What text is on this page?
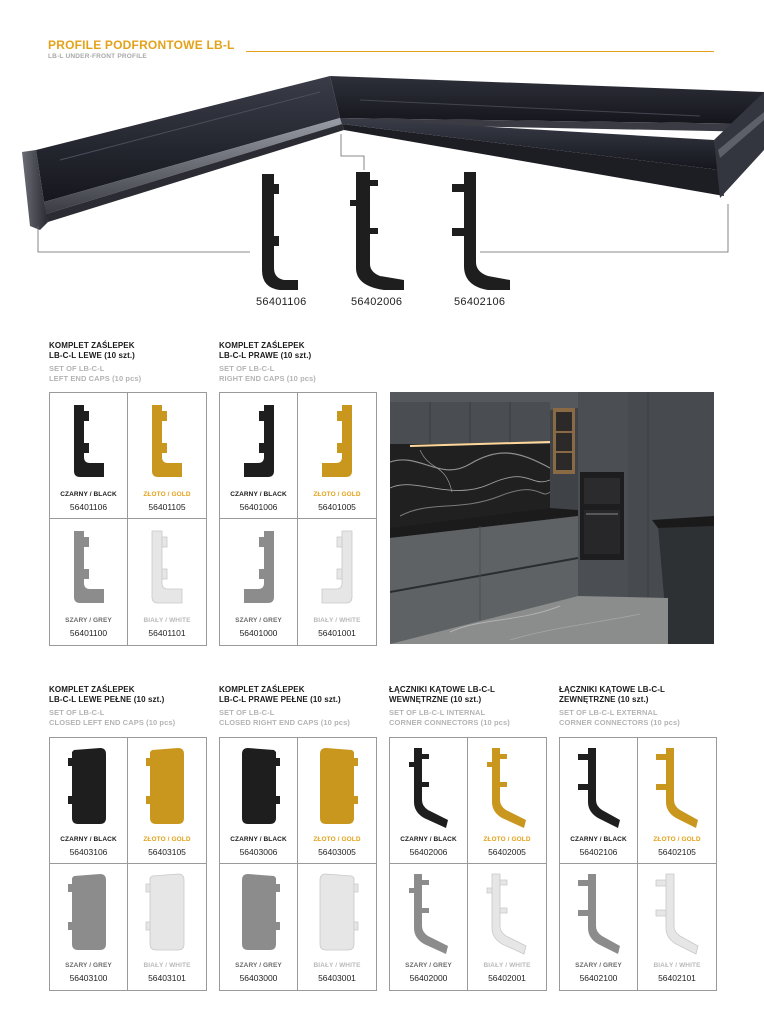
PROFILE PODFRONTOWE LB-L
LB-L UNDER-FRONT PROFILE
56401106	56402006	56402106
KOMPLET ZAŚLEPEK
LB-C-L LEWE (10 szt.)
SET OF LB-C-L
LEFT END CAPS (10 pcs)
CZARNY / BLACK
56401106
ZŁOTO / GOLD
56401105
SZARY / GREY
56401100
BIAŁY / WHITE
56401101
KOMPLET ZAŚLEPEK
LB-C-L PRAWE (10 szt.)
SET OF LB-C-L
RIGHT END CAPS (10 pcs)
CZARNY / BLACK
56401006
ZŁOTO / GOLD
56401005
SZARY / GREY
56401000
BIAŁY / WHITE
56401001
KOMPLET ZAŚLEPEK
LB-C-L LEWE PEŁNE (10 szt.)
SET OF LB-C-L
CLOSED LEFT END CAPS (10 pcs)
CZARNY / BLACK
56403106
ZŁOTO / GOLD
56403105
SZARY / GREY
56403100
BIAŁY / WHITE
56403101
KOMPLET ZAŚLEPEK
LB-C-L PRAWE PEŁNE (10 szt.)
SET OF LB-C-L
CLOSED RIGHT END CAPS (10 pcs)
CZARNY / BLACK
56403006
ZŁOTO / GOLD
56403005
SZARY / GREY
56403000
BIAŁY / WHITE
56403001
ŁĄCZNIKI KĄTOWE LB-C-L
WEWNĘTRZNE (10 szt.)
SET OF LB-C-L INTERNAL
CORNER CONNECTORS (10 pcs)
CZARNY / BLACK
56402006
ZŁOTO / GOLD
56402005
SZARY / GREY
56402000
BIAŁY / WHITE
56402001
ŁĄCZNIKI KĄTOWE LB-C-L
ZEWNĘTRZNE (10 szt.)
SET OF LB-C-L EXTERNAL
CORNER CONNECTORS (10 pcs)
CZARNY / BLACK
56402106
ZŁOTO / GOLD
56402105
SZARY / GREY
56402100
BIAŁY / WHITE
56402101
